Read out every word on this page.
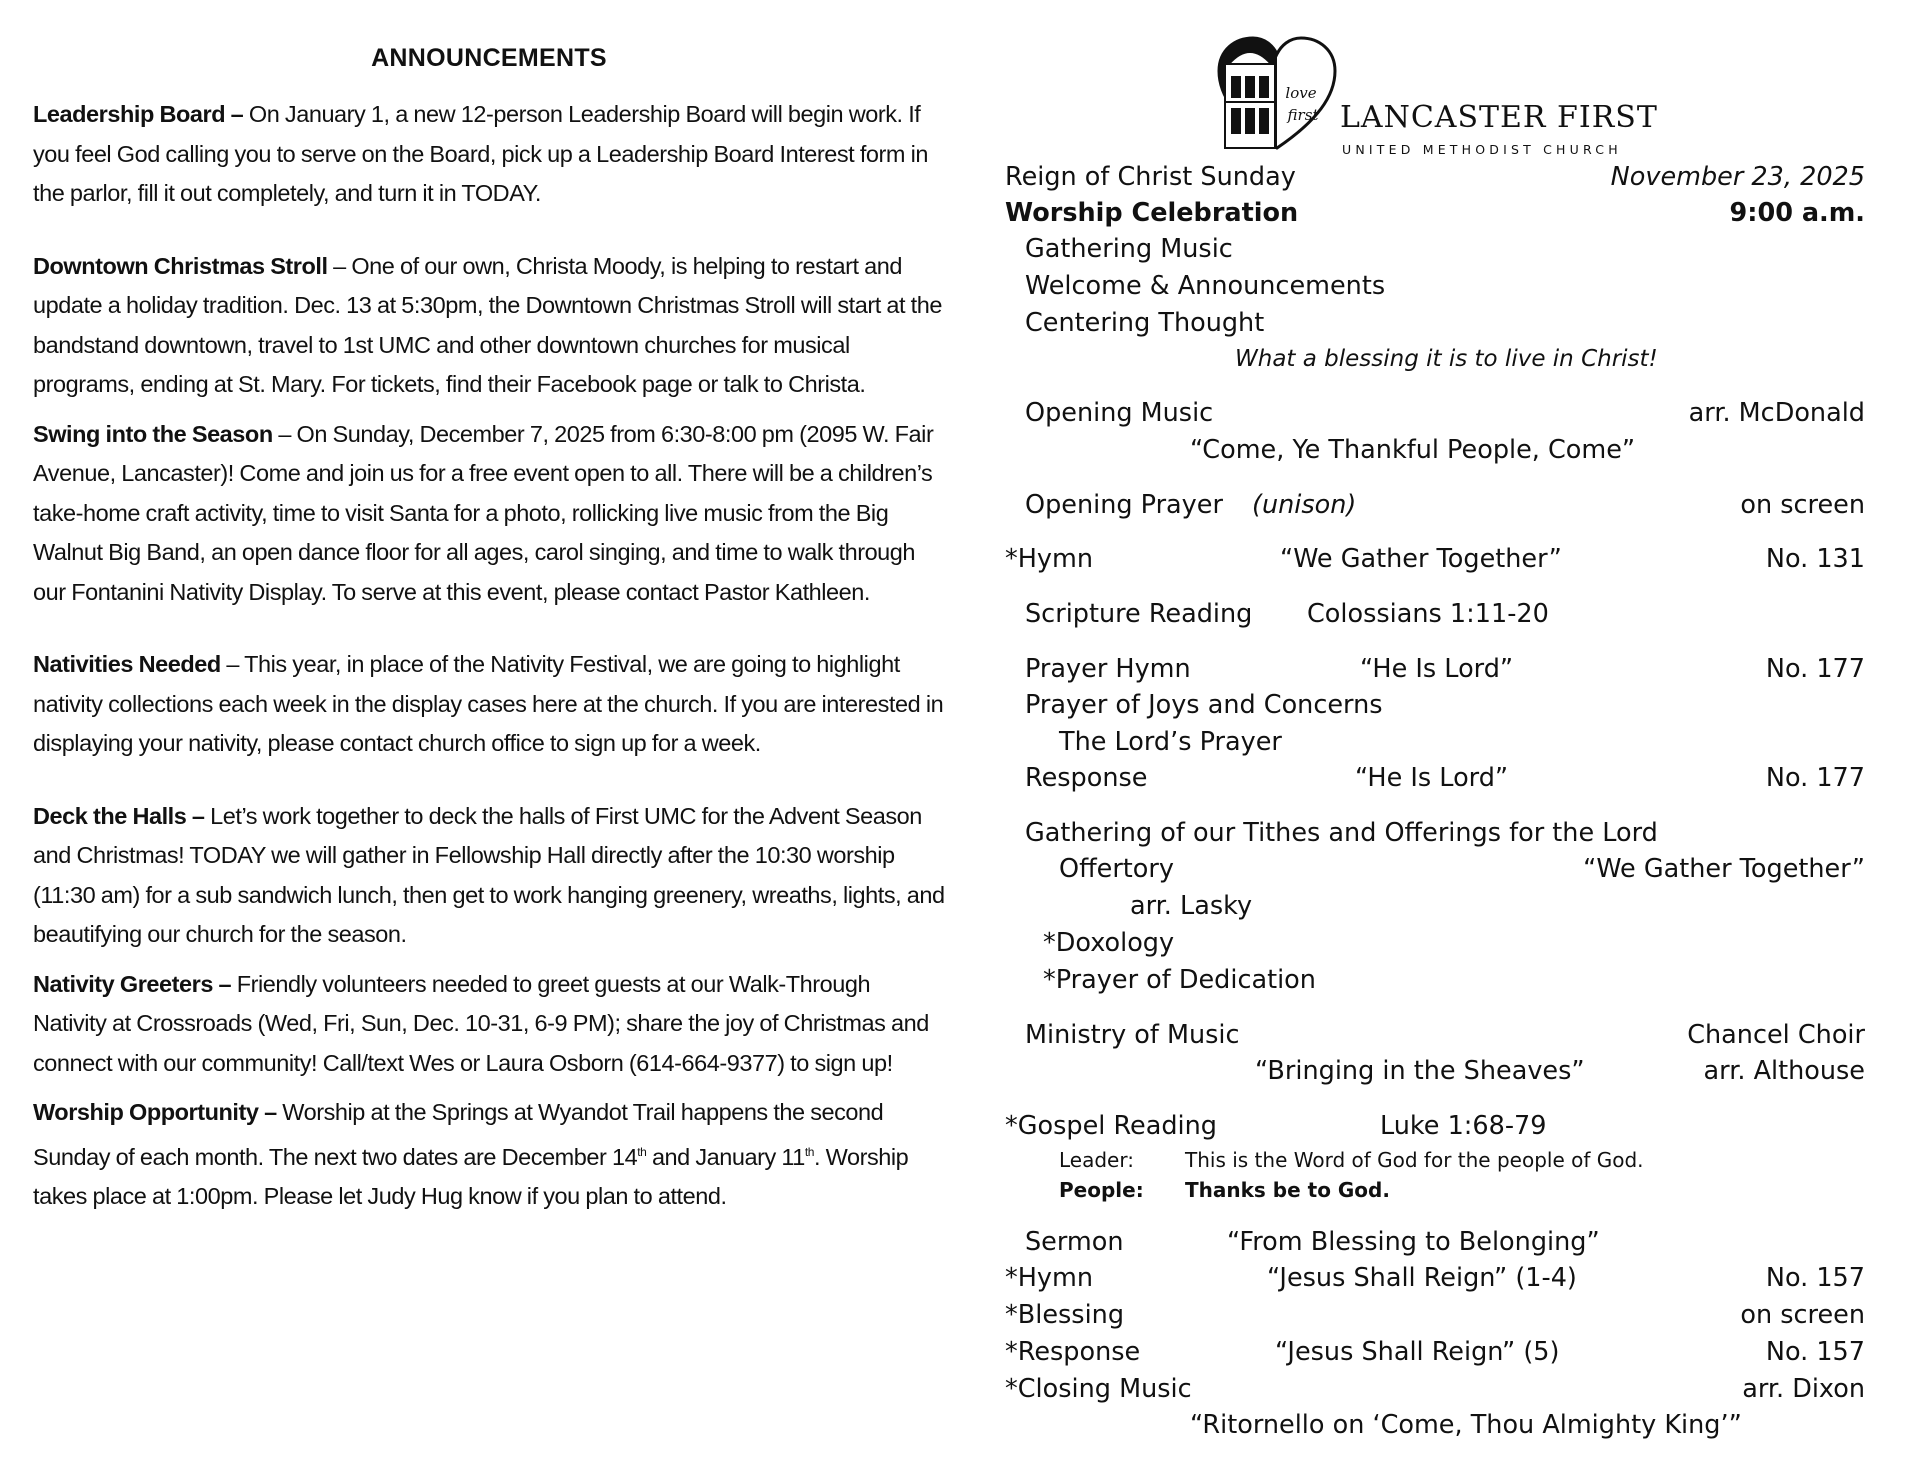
ANNOUNCEMENTS

Leadership Board – On January 1, a new 12-person Leadership Board will begin work. If you feel God calling you to serve on the Board, pick up a Leadership Board Interest form in the parlor, fill it out completely, and turn it in TODAY.

Downtown Christmas Stroll – One of our own, Christa Moody, is helping to restart and update a holiday tradition. Dec. 13 at 5:30pm, the Downtown Christmas Stroll will start at the bandstand downtown, travel to 1st UMC and other downtown churches for musical programs, ending at St. Mary. For tickets, find their Facebook page or talk to Christa.

Swing into the Season – On Sunday, December 7, 2025 from 6:30-8:00 pm (2095 W. Fair Avenue, Lancaster)! Come and join us for a free event open to all. There will be a children’s take-home craft activity, time to visit Santa for a photo, rollicking live music from the Big Walnut Big Band, an open dance floor for all ages, carol singing, and time to walk through our Fontanini Nativity Display. To serve at this event, please contact Pastor Kathleen.

Nativities Needed – This year, in place of the Nativity Festival, we are going to highlight nativity collections each week in the display cases here at the church. If you are interested in displaying your nativity, please contact church office to sign up for a week.

Deck the Halls – Let’s work together to deck the halls of First UMC for the Advent Season and Christmas! TODAY we will gather in Fellowship Hall directly after the 10:30 worship (11:30 am) for a sub sandwich lunch, then get to work hanging greenery, wreaths, lights, and beautifying our church for the season.

Nativity Greeters – Friendly volunteers needed to greet guests at our Walk-Through Nativity at Crossroads (Wed, Fri, Sun, Dec. 10-31, 6-9 PM); share the joy of Christmas and connect with our community! Call/text Wes or Laura Osborn (614-664-9377) to sign up!

Worship Opportunity – Worship at the Springs at Wyandot Trail happens the second Sunday of each month. The next two dates are December 14th and January 11th. Worship takes place at 1:00pm. Please let Judy Hug know if you plan to attend.

love
first LANCASTER FIRST
UNITED METHODIST CHURCH
Reign of Christ Sunday	November 23, 2025
Worship Celebration	9:00 a.m.
Gathering Music
Welcome & Announcements
Centering Thought
What a blessing it is to live in Christ!
Opening Music	arr. McDonald
“Come, Ye Thankful People, Come”
Opening Prayer (unison)	on screen
*Hymn	“We Gather Together”	No. 131
Scripture Reading Colossians 1:11-20
Prayer Hymn	“He Is Lord”	No. 177
Prayer of Joys and Concerns
The Lord’s Prayer
Response	“He Is Lord”	No. 177
Gathering of our Tithes and Offerings for the Lord
Offertory	“We Gather Together”
arr. Lasky
*Doxology
*Prayer of Dedication
Ministry of Music	Chancel Choir
“Bringing in the Sheaves”	arr. Althouse
*Gospel Reading	Luke 1:68-79
Leader:	This is the Word of God for the people of God.
People: Thanks be to God.
Sermon	“From Blessing to Belonging”
*Hymn	“Jesus Shall Reign” (1-4)	No. 157
*Blessing	on screen
*Response	“Jesus Shall Reign” (5)	No. 157
*Closing Music	arr. Dixon
“Ritornello on ‘Come, Thou Almighty King’”
